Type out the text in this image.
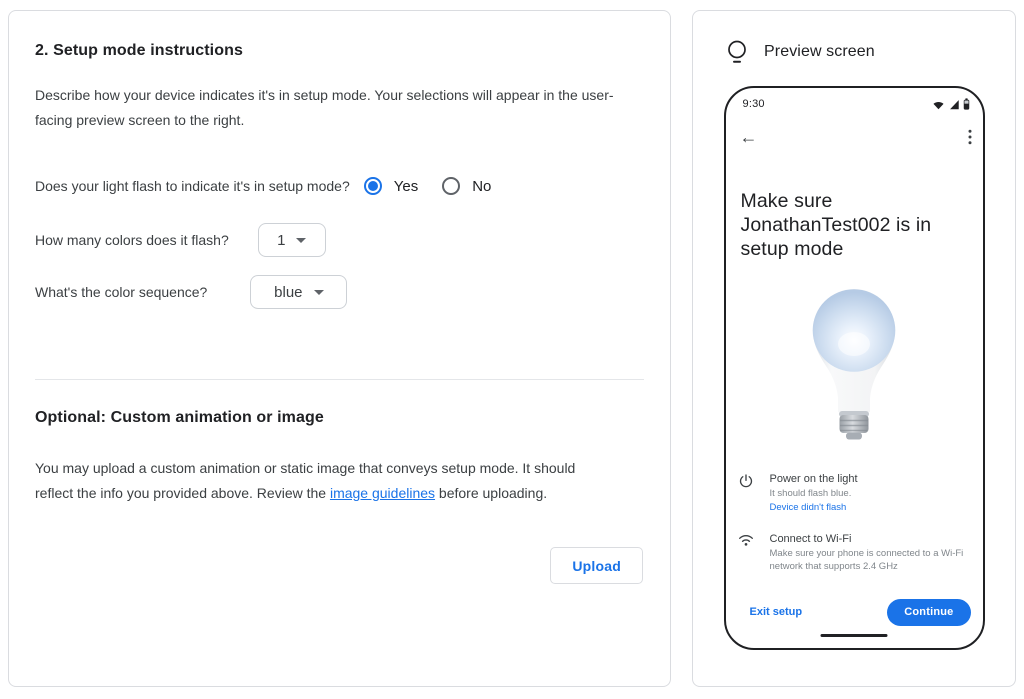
2. Setup mode instructions

Describe how your device indicates it's in setup mode. Your selections will appear in the user-facing preview screen to the right.

Does your light flash to indicate it's in setup mode?	Yes	No
How many colors does it flash?	1
What's the color sequence?	blue
Optional: Custom animation or image

You may upload a custom animation or static image that conveys setup mode. It should reflect the info you provided above. Review the image guidelines before uploading.

Upload
Preview screen
9:30
←
Make sure JonathanTest002 is in setup mode
Power on the light
It should flash blue.
Device didn't flash
Connect to Wi-Fi
Make sure your phone is connected to a Wi-Fi network that supports 2.4 GHz
Exit setup	Continue
